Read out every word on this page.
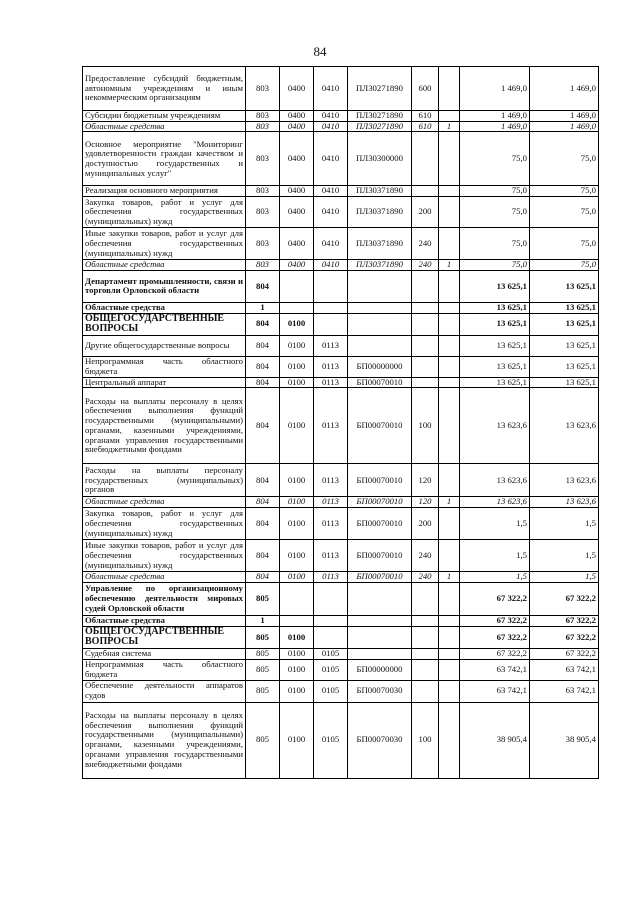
84
Предоставление субсидий бюджетным, автономным учреждениям и иным некоммерческим организациям	803	0400	0410	ПЛ30271890	600		1 469,0	1 469,0
Субсидии бюджетным учреждениям	803	0400	0410	ПЛ30271890	610		1 469,0	1 469,0
Областные средства	803	0400	0410	ПЛ30271890	610	1	1 469,0	1 469,0
Основное мероприятие "Мониторинг удовлетворенности граждан качеством и доступностью государственных и муниципальных услуг"	803	0400	0410	ПЛ30300000			75,0	75,0
Реализация основного мероприятия	803	0400	0410	ПЛ30371890			75,0	75,0
Закупка товаров, работ и услуг для обеспечения государственных (муниципальных) нужд	803	0400	0410	ПЛ30371890	200		75,0	75,0
Иные закупки товаров, работ и услуг для обеспечения государственных (муниципальных) нужд	803	0400	0410	ПЛ30371890	240		75,0	75,0
Областные средства	803	0400	0410	ПЛ30371890	240	1	75,0	75,0
Департамент промышленности, связи и торговли Орловской области	804						13 625,1	13 625,1
Областные средства	1						13 625,1	13 625,1
ОБЩЕГОСУДАРСТВЕННЫЕ ВОПРОСЫ	804	0100					13 625,1	13 625,1
Другие общегосударственные вопросы	804	0100	0113				13 625,1	13 625,1
Непрограммная часть областного бюджета	804	0100	0113	БП00000000			13 625,1	13 625,1
Центральный аппарат	804	0100	0113	БП00070010			13 625,1	13 625,1
Расходы на выплаты персоналу в целях обеспечения выполнения функций государственными (муниципальными) органами, казенными учреждениями, органами управления государственными внебюджетными фондами	804	0100	0113	БП00070010	100		13 623,6	13 623,6
Расходы на выплаты персоналу государственных (муниципальных) органов	804	0100	0113	БП00070010	120		13 623,6	13 623,6
Областные средства	804	0100	0113	БП00070010	120	1	13 623,6	13 623,6
Закупка товаров, работ и услуг для обеспечения государственных (муниципальных) нужд	804	0100	0113	БП00070010	200		1,5	1,5
Иные закупки товаров, работ и услуг для обеспечения государственных (муниципальных) нужд	804	0100	0113	БП00070010	240		1,5	1,5
Областные средства	804	0100	0113	БП00070010	240	1	1,5	1,5
Управление по организационному обеспечению деятельности мировых судей Орловской области	805						67 322,2	67 322,2
Областные средства	1						67 322,2	67 322,2
ОБЩЕГОСУДАРСТВЕННЫЕ ВОПРОСЫ	805	0100					67 322,2	67 322,2
Судебная система	805	0100	0105				67 322,2	67 322,2
Непрограммная часть областного бюджета	805	0100	0105	БП00000000			63 742,1	63 742,1
Обеспечение деятельности аппаратов судов	805	0100	0105	БП00070030			63 742,1	63 742,1
Расходы на выплаты персоналу в целях обеспечения выполнения функций государственными (муниципальными) органами, казенными учреждениями, органами управления государственными внебюджетными фондами	805	0100	0105	БП00070030	100		38 905,4	38 905,4
